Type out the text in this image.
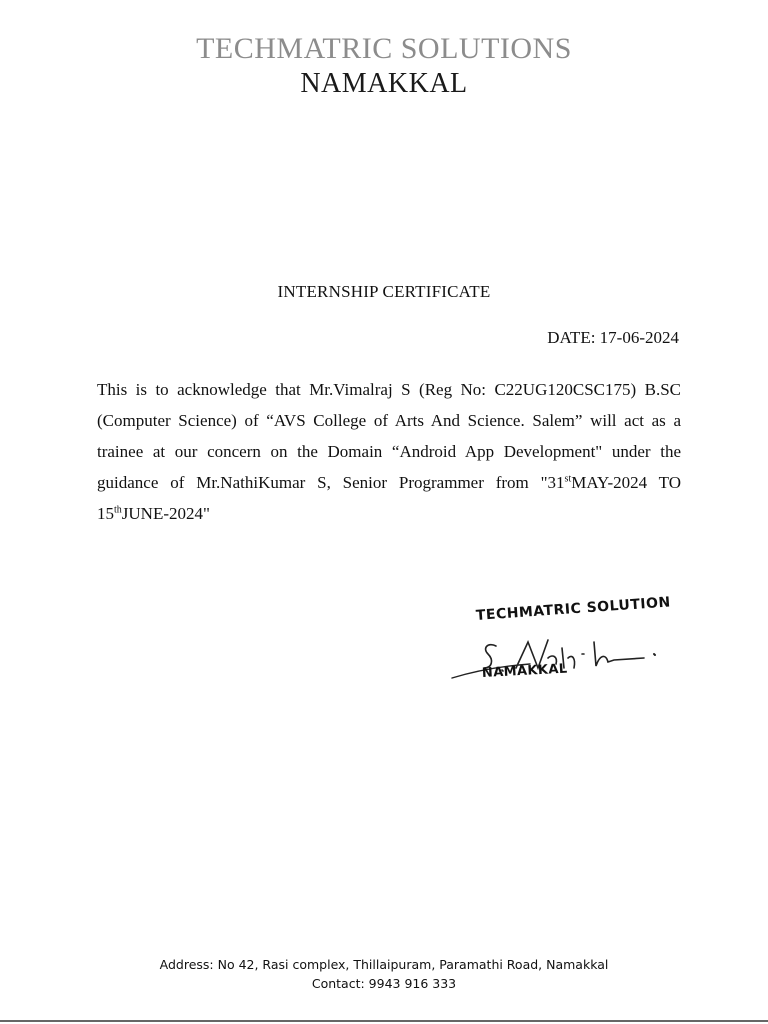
TECHMATRIC SOLUTIONS
NAMAKKAL
INTERNSHIP CERTIFICATE
DATE: 17-06-2024
This is to acknowledge that Mr.Vimalraj S (Reg No: C22UG120CSC175) B.SC (Computer Science) of “AVS College of Arts And Science. Salem” will act as a trainee at our concern on the Domain “Android App Development" under the guidance of Mr.NathiKumar S, Senior Programmer from "31stMAY-2024 TO 15thJUNE-2024"
TECHMATRIC SOLUTION
NAMAKKAL
Address: No 42, Rasi complex, Thillaipuram, Paramathi Road, Namakkal
Contact: 9943 916 333
